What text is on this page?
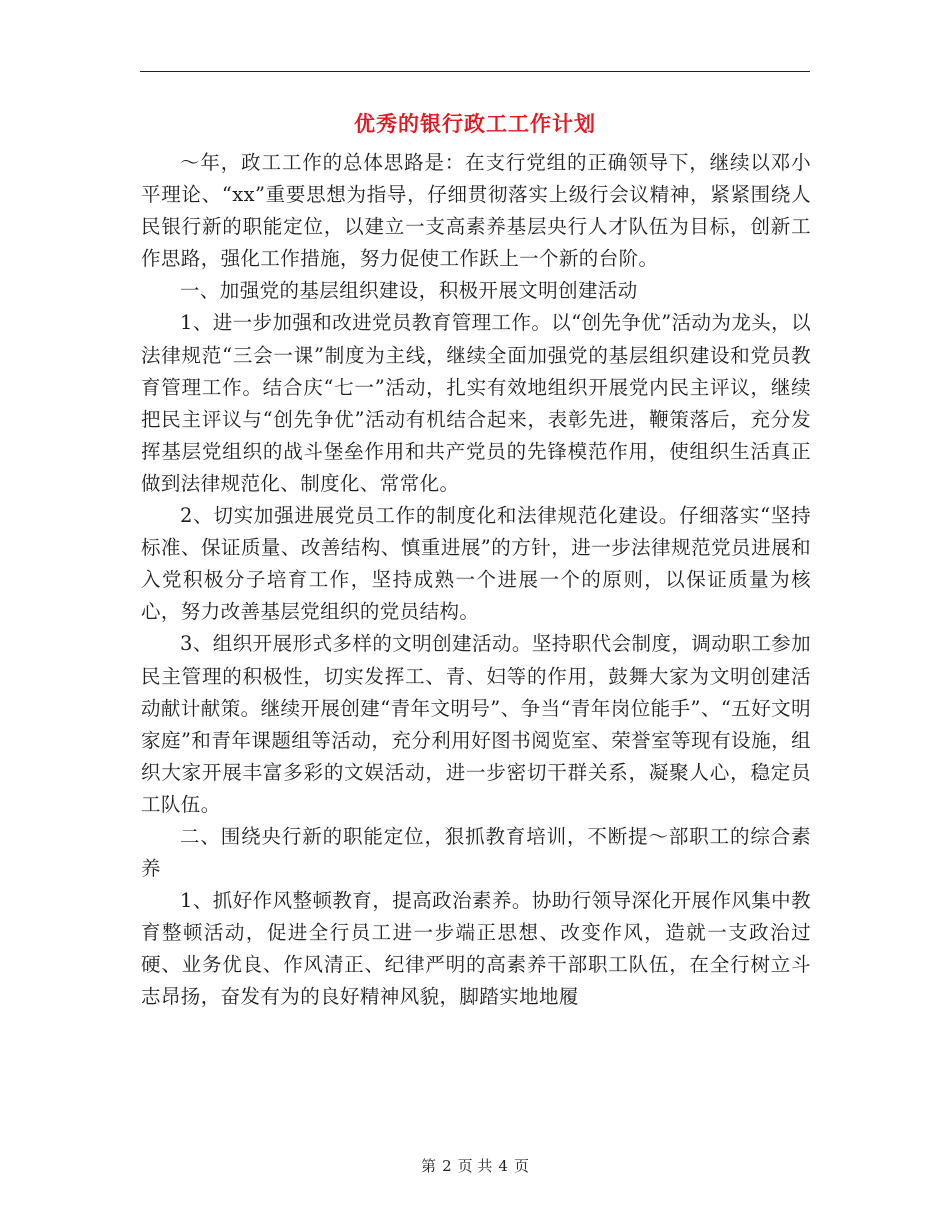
优秀的银行政工工作计划

～年，政工工作的总体思路是：在支行党组的正确领导下，继续以邓小平理论、“xx”重要思想为指导，仔细贯彻落实上级行会议精神，紧紧围绕人民银行新的职能定位，以建立一支高素养基层央行人才队伍为目标，创新工作思路，强化工作措施，努力促使工作跃上一个新的台阶。

一、加强党的基层组织建设，积极开展文明创建活动

1、进一步加强和改进党员教育管理工作。以“创先争优”活动为龙头，以法律规范“三会一课”制度为主线，继续全面加强党的基层组织建设和党员教育管理工作。结合庆“七一”活动，扎实有效地组织开展党内民主评议，继续把民主评议与“创先争优”活动有机结合起来，表彰先进，鞭策落后，充分发挥基层党组织的战斗堡垒作用和共产党员的先锋模范作用，使组织生活真正做到法律规范化、制度化、常常化。

2、切实加强进展党员工作的制度化和法律规范化建设。仔细落实“坚持标准、保证质量、改善结构、慎重进展”的方针，进一步法律规范党员进展和入党积极分子培育工作，坚持成熟一个进展一个的原则，以保证质量为核心，努力改善基层党组织的党员结构。

3、组织开展形式多样的文明创建活动。坚持职代会制度，调动职工参加民主管理的积极性，切实发挥工、青、妇等的作用，鼓舞大家为文明创建活动献计献策。继续开展创建“青年文明号”、争当“青年岗位能手”、“五好文明家庭”和青年课题组等活动，充分利用好图书阅览室、荣誉室等现有设施，组织大家开展丰富多彩的文娱活动，进一步密切干群关系，凝聚人心，稳定员工队伍。

二、围绕央行新的职能定位，狠抓教育培训，不断提～部职工的综合素养

1、抓好作风整顿教育，提高政治素养。协助行领导深化开展作风集中教育整顿活动，促进全行员工进一步端正思想、改变作风，造就一支政治过硬、业务优良、作风清正、纪律严明的高素养干部职工队伍，在全行树立斗志昂扬，奋发有为的良好精神风貌，脚踏实地地履

第 2 页 共 4 页
